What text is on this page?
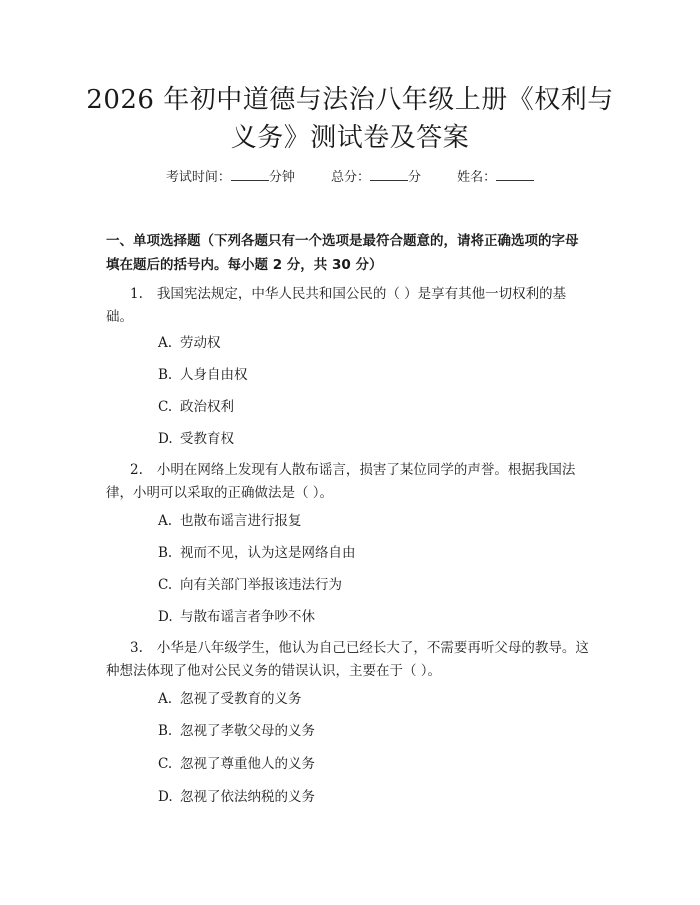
2026 年初中道德与法治八年级上册《权利与
义务》测试卷及答案
考试时间：	分钟	总分：	分	姓名：
一、单项选择题（下列各题只有一个选项是最符合题意的，请将正确选项的字母
填在题后的括号内。每小题 2 分，共 30 分）
1. 我国宪法规定，中华人民共和国公民的（ ）是享有其他一切权利的基础。
A. 劳动权
B. 人身自由权
C. 政治权利
D. 受教育权
2. 小明在网络上发现有人散布谣言，损害了某位同学的声誉。根据我国法律，小明可以采取的正确做法是（ ）。
A. 也散布谣言进行报复
B. 视而不见，认为这是网络自由
C. 向有关部门举报该违法行为
D. 与散布谣言者争吵不休
3. 小华是八年级学生，他认为自己已经长大了，不需要再听父母的教导。这种想法体现了他对公民义务的错误认识，主要在于（ ）。
A. 忽视了受教育的义务
B. 忽视了孝敬父母的义务
C. 忽视了尊重他人的义务
D. 忽视了依法纳税的义务
